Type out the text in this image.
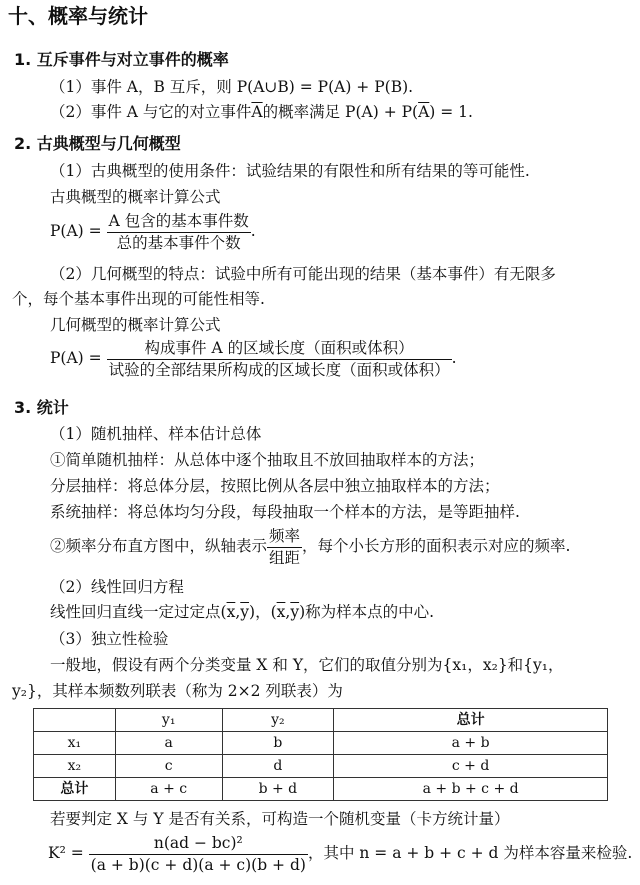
十、概率与统计
1. 互斥事件与对立事件的概率
（1）事件 A，B 互斥，则 P(A∪B) = P(A) + P(B).
（2）事件 A 与它的对立事件$\overline{A}$的概率满足 $P(A) + P(\overline{A}) = 1$.
2. 古典概型与几何概型
（1）古典概型的使用条件：试验结果的有限性和所有结果的等可能性.
古典概型的概率计算公式
$P(A) = \frac{\text{A 包含的基本事件数}}{\text{总的基本事件个数}}$ .
（2）几何概型的特点：试验中所有可能出现的结果（基本事件）有无限多
个，每个基本事件出现的可能性相等.
几何概型的概率计算公式
$P(A) = \frac{\text{构成事件 A 的区域长度（面积或体积）}}{\text{试验的全部结果所构成的区域长度（面积或体积）}}$ .
3. 统计
（1）随机抽样、样本估计总体
①简单随机抽样：从总体中逐个抽取且不放回抽取样本的方法；
分层抽样：将总体分层，按照比例从各层中独立抽取样本的方法；
系统抽样：将总体均匀分段，每段抽取一个样本的方法，是等距抽样.
②频率分布直方图中，纵轴表示 $\frac{\text{频率}}{\text{组距}}$ ，每个小长方形的面积表示对应的频率.
（2）线性回归方程
线性回归直线一定过定点$(\overline{x},\overline{y})$，$(\overline{x},\overline{y})$称为样本点的中心.
（3）独立性检验
一般地，假设有两个分类变量 X 和 Y，它们的取值分别为{x₁，x₂}和{y₁，
y₂}，其样本频数列联表（称为 2×2 列联表）为
	y₁	y₂	总计
x₁	a	b	a + b
x₂	c	d	c + d
总计	a + c	b + d	a + b + c + d
若要判定 X 与 Y 是否有关系，可构造一个随机变量（卡方统计量）
$K^2 = \frac{\text{n(ad − bc)²}}{(a + b)(c + d)(a + c)(b + d)}$ ，其中 n = a + b + c + d 为样本容量来检验.
